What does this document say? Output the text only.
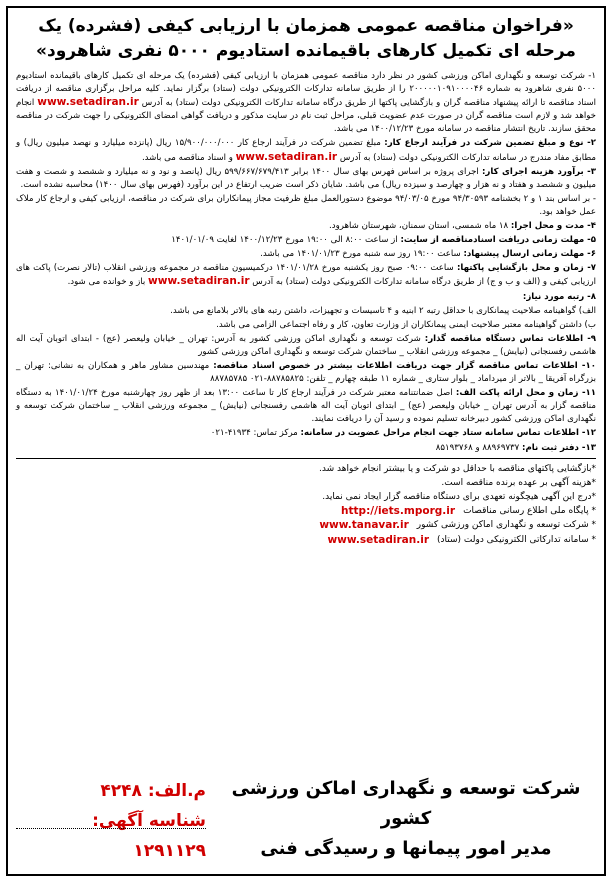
«فراخوان مناقصه عمومی همزمان با ارزیابی کیفی (فشرده) یک
مرحله ای تکمیل کارهای باقیمانده استادیوم ۵۰۰۰ نفری شاهرود»
۱- شرکت توسعه و نگهداری اماکن ورزشی کشور در نظر دارد مناقصه عمومی همزمان با ارزیابی کیفی (فشرده) یک مرحله ای تکمیل کارهای باقیمانده استادیوم ۵۰۰۰ نفری شاهرود به شماره ۲۰۰۰۰۰۱۰۹۱۰۰۰۰۴۶ را از طریق سامانه تدارکات الکترونیکی دولت (ستاد) برگزار نماید. کلیه مراحل برگزاری مناقصه از دریافت اسناد مناقصه تا ارائه پیشنهاد مناقصه گران و بازگشایی پاکتها از طریق درگاه سامانه تدارکات الکترونیکی دولت (ستاد) به آدرس www.setadiran.ir انجام خواهد شد و لازم است مناقصه گران در صورت عدم عضویت قبلی، مراحل ثبت نام در سایت مذکور و دریافت گواهی امضای الکترونیکی را جهت شرکت در مناقصه محقق سازند. تاریخ انتشار مناقصه در سامانه مورخ ۱۴۰۰/۱۲/۲۳ می باشد.
۲- نوع و مبلغ تضمین شرکت در فرآیند ارجاع کار: مبلغ تضمین شرکت در فرآیند ارجاع کار ۱۵/۹۰۰/۰۰۰/۰۰۰ ریال (پانزده میلیارد و نهصد میلیون ریال) و مطابق مفاد مندرج در سامانه تدارکات الکترونیکی دولت (ستاد) به آدرس www.setadiran.ir و اسناد مناقصه می باشد.
۳- برآورد هزینه اجرای کار: اجرای پروژه بر اساس فهرس بهای سال ۱۴۰۰ برابر ۵۹۹/۶۶۷/۶۷۹/۴۱۳ ریال (پانصد و نود و نه میلیارد و ششصد و شصت و هفت میلیون و ششصد و هفتاد و نه هزار و چهارصد و سیزده ریال) می باشد. شایان ذکر است ضریب ارتفاع در این برآورد (فهرس بهای سال ۱۴۰۰) محاسبه نشده است.
- بر اساس بند ۱ و ۲ بخشنامه ۹۴/۳۰۵۹۳ مورخ ۹۴/۰۳/۰۵ موضوع دستورالعمل مبلغ ظرفیت مجاز پیمانکاران برای شرکت در مناقصه، ارزیابی کیفی و ارجاع کار ملاک عمل خواهد بود.
۴- مدت و محل اجرا: ۱۸ ماه شمسی، استان سمنان، شهرستان شاهرود.
۵- مهلت زمانی دریافت اسنادمناقصه از سایت: از ساعت ۸:۰۰ الی ۱۹:۰۰ مورخ ۱۴۰۰/۱۲/۲۳ لغایت ۱۴۰۱/۰۱/۰۹
۶- مهلت زمانی ارسال پیشنهاد: ساعت ۱۹:۰۰ روز سه شنبه مورخ ۱۴۰۱/۰۱/۲۳ می باشد.
۷- زمان و محل بازگشایی پاکتها: ساعت ۰۹:۰۰ صبح روز یکشنبه مورخ ۱۴۰۱/۰۱/۲۸ درکمیسیون مناقصه در مجموعه ورزشی انقلاب (تالار نصرت) پاکت های ارزیابی کیفی و (الف و ب و ج) از طریق درگاه سامانه تدارکات الکترونیکی دولت (ستاد) به آدرس www.setadiran.ir باز و خوانده می شود.
۸- رتبه مورد نیاز:
الف) گواهینامه صلاحیت پیمانکاری با حداقل رتبه ۲ ابنیه و ۴ تاسیسات و تجهیزات، داشتن رتبه های بالاتر بلامانع می باشد.
ب) داشتن گواهینامه معتبر صلاحیت ایمنی پیمانکاران از وزارت تعاون، کار و رفاه اجتماعی الزامی می باشد.
۹- اطلاعات تماس دستگاه مناقصه گذار: شرکت توسعه و نگهداری اماکن ورزشی کشور به آدرس: تهران _ خیابان ولیعصر (عج) - ابتدای اتوبان آیت اله هاشمی رفسنجانی (نیایش) _ مجموعه ورزشی انقلاب _ ساختمان شرکت توسعه و نگهداری اماکن ورزشی کشور
۱۰- اطلاعات تماس مناقصه گزار جهت دریافت اطلاعات بیشتر در خصوص اسناد مناقصه: مهندسین مشاور ماهر و همکاران به نشانی: تهران _ بزرگراه آفریقا _ بالاتر از میرداماد _ بلوار ستاری _ شماره ۱۱ طبقه چهارم _ تلفن: ۸۸۷۸۵۸۲۵-۰۲۱ ۸۸۷۸۵۷۸۵
۱۱- زمان و محل ارائه پاکت الف: اصل ضمانتنامه معتبر شرکت در فرآیند ارجاع کار تا ساعت ۱۳:۰۰ بعد از ظهر روز چهارشنبه مورخ ۱۴۰۱/۰۱/۲۴ به دستگاه مناقصه گزار به آدرس تهران _ خیابان ولیعصر (عج) _ ابتدای اتوبان آیت اله هاشمی رفسنجانی (نیایش) _ مجموعه ورزشی انقلاب _ ساختمان شرکت توسعه و نگهداری اماکن ورزشی کشور دبیرخانه تسلیم نموده و رسید آن را دریافت نمایند.
۱۲- اطلاعات تماس سامانه ستاد جهت انجام مراحل عضویت در سامانه: مرکز تماس: ۴۱۹۳۴-۰۲۱
۱۳- دفتر ثبت نام: ۸۸۹۶۹۷۳۷ و ۸۵۱۹۳۷۶۸
*بازگشایی پاکتهای مناقصه با حداقل دو شرکت و یا بیشتر انجام خواهد شد.
*هزینه آگهی بر عهده برنده مناقصه است.
*درج این آگهی هیچگونه تعهدی برای دستگاه مناقصه گزار ایجاد نمی نماید.
* پایگاه ملی اطلاع رسانی مناقصات
http://iets.mporg.ir
* شرکت توسعه و نگهداری اماکن ورزشی کشور
www.tanavar.ir
* سامانه تدارکاتی الکترونیکی دولت (ستاد)
www.setadiran.ir
شرکت توسعه و نگهداری اماکن ورزشی کشور
مدیر امور پیمانها و رسیدگی فنی
م.الف: ۴۲۴۸
شناسه آگهی: ۱۲۹۱۱۲۹
